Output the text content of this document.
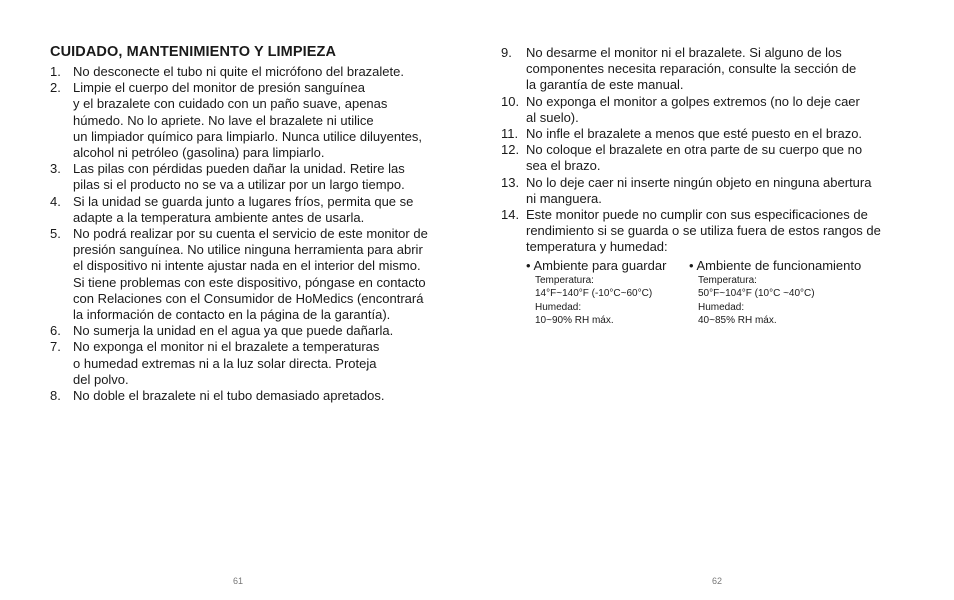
CUIDADO, MANTENIMIENTO Y LIMPIEZA
1. No desconecte el tubo ni quite el micrófono del brazalete.
2. Limpie el cuerpo del monitor de presión sanguínea
y el brazalete con cuidado con un paño suave, apenas
húmedo. No lo apriete. No lave el brazalete ni utilice
un limpiador químico para limpiarlo. Nunca utilice diluyentes,
alcohol ni petróleo (gasolina) para limpiarlo.
3. Las pilas con pérdidas pueden dañar la unidad. Retire las
pilas si el producto no se va a utilizar por un largo tiempo.
4. Si la unidad se guarda junto a lugares fríos, permita que se
adapte a la temperatura ambiente antes de usarla.
5. No podrá realizar por su cuenta el servicio de este monitor de
presión sanguínea. No utilice ninguna herramienta para abrir
el dispositivo ni intente ajustar nada en el interior del mismo.
Si tiene problemas con este dispositivo, póngase en contacto
con Relaciones con el Consumidor de HoMedics (encontrará
la información de contacto en la página de la garantía).
6. No sumerja la unidad en el agua ya que puede dañarla.
7. No exponga el monitor ni el brazalete a temperaturas
o humedad extremas ni a la luz solar directa. Proteja
del polvo.
8. No doble el brazalete ni el tubo demasiado apretados.
61
9. No desarme el monitor ni el brazalete. Si alguno de los
componentes necesita reparación, consulte la sección de
la garantía de este manual.
10. No exponga el monitor a golpes extremos (no lo deje caer
al suelo).
11. No infle el brazalete a menos que esté puesto en el brazo.
12. No coloque el brazalete en otra parte de su cuerpo que no
sea el brazo.
13. No lo deje caer ni inserte ningún objeto en ninguna abertura
ni manguera.
14. Este monitor puede no cumplir con sus especificaciones de
rendimiento si se guarda o se utiliza fuera de estos rangos de
temperatura y humedad:
• Ambiente para guardar
Temperatura:
14°F~140°F (-10°C~60°C)
Humedad:
10~90% RH máx.
• Ambiente de funcionamiento
Temperatura:
50°F~104°F (10°C ~40°C)
Humedad:
40~85% RH máx.
62
